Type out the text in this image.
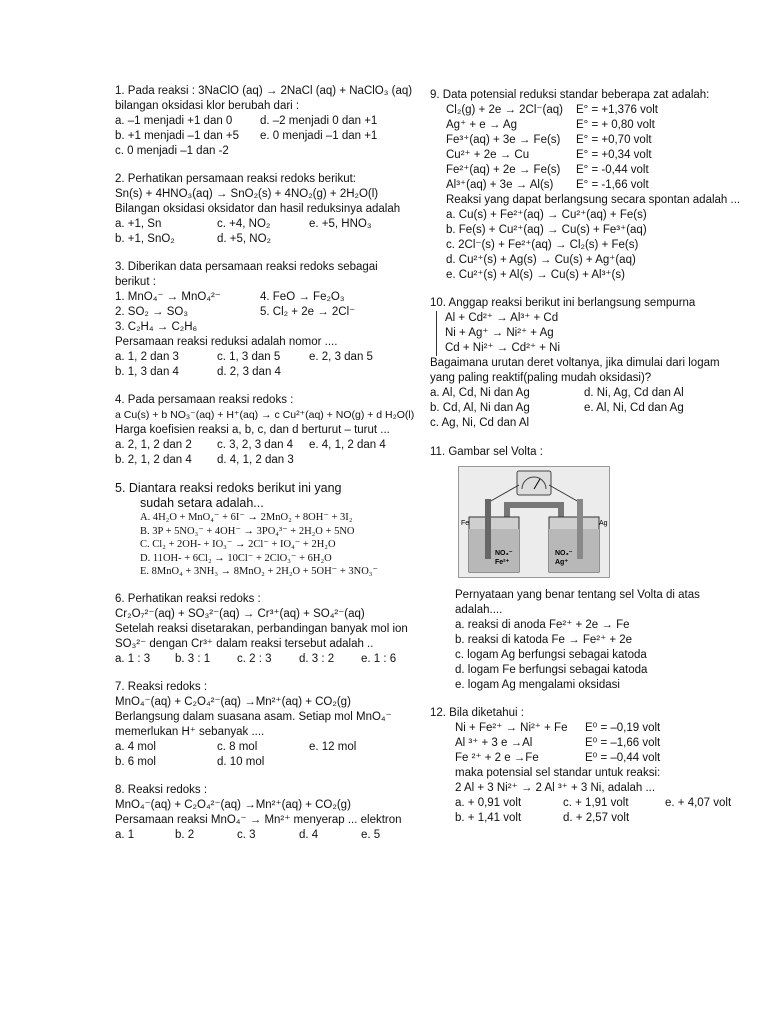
1. Pada reaksi : 3NaClO (aq) → 2NaCl (aq) + NaClO₃ (aq)
bilangan oksidasi klor berubah dari :
a. –1 menjadi +1 dan 0	d. –2 menjadi 0 dan +1
b. +1 menjadi –1 dan +5	e. 0 menjadi –1 dan +1
c. 0 menjadi –1 dan -2
2. Perhatikan persamaan reaksi redoks berikut:
Sn(s) + 4HNO₃(aq) → SnO₂(s) + 4NO₂(g) + 2H₂O(l)
Bilangan oksidasi oksidator dan hasil reduksinya adalah
a. +1, Sn	c. +4, NO₂	e. +5, HNO₃
b. +1, SnO₂	d. +5, NO₂
3. Diberikan data persamaan reaksi redoks sebagai
berikut :
1. MnO₄⁻ → MnO₄²⁻	4. FeO → Fe₂O₃
2. SO₂ → SO₃	5. Cl₂ + 2e → 2Cl⁻
3. C₂H₄ → C₂H₆
Persamaan reaksi reduksi adalah nomor ....
a. 1, 2 dan 3	c. 1, 3 dan 5	e. 2, 3 dan 5
b. 1, 3 dan 4	d. 2, 3 dan 4
4. Pada persamaan reaksi redoks :
a Cu(s) + b NO₃⁻(aq) + H⁺(aq) → c Cu²⁺(aq) + NO(g) + d H₂O(l)
Harga koefisien reaksi a, b, c, dan d berturut – turut ...
a. 2, 1, 2 dan 2	c. 3, 2, 3 dan 4	e. 4, 1, 2 dan 4
b. 2, 1, 2 dan 4	d. 4, 1, 2 dan 3
5. Diantara reaksi redoks berikut ini yang
sudah setara adalah...
A. 4H₂O + MnO₄⁻ + 6I⁻ → 2MnO₂ + 8OH⁻ + 3I₂
B. 3P + 5NO₃⁻ + 4OH⁻ → 3PO₄³⁻ + 2H₂O + 5NO
C. Cl₂ + 2OH- + IO₃⁻ → 2Cl⁻ + IO₄⁻ + 2H₂O
D. 11OH- + 6Cl₂ → 10Cl⁻ + 2ClO₃⁻ + 6H₂O
E. 8MnO₄ + 3NH₃ → 8MnO₂ + 2H₂O + 5OH⁻ + 3NO₃⁻
6. Perhatikan reaksi redoks :
Cr₂O₇²⁻(aq) + SO₃²⁻(aq) → Cr³⁺(aq) + SO₄²⁻(aq)
Setelah reaksi disetarakan, perbandingan banyak mol ion
SO₃²⁻ dengan Cr³⁺ dalam reaksi tersebut adalah ..
a. 1 : 3	b. 3 : 1	c. 2 : 3	d. 3 : 2	e. 1 : 6
7. Reaksi redoks :
MnO₄⁻(aq) + C₂O₄²⁻(aq) →Mn²⁺(aq) + CO₂(g)
Berlangsung dalam suasana asam. Setiap mol MnO₄⁻
memerlukan H⁺ sebanyak ....
a. 4 mol	c. 8 mol	e. 12 mol
b. 6 mol	d. 10 mol
8. Reaksi redoks :
MnO₄⁻(aq) + C₂O₄²⁻(aq) →Mn²⁺(aq) + CO₂(g)
Persamaan reaksi MnO₄⁻ → Mn²⁺ menyerap ... elektron
a. 1	b. 2	c. 3	d. 4	e. 5
9. Data potensial reduksi standar beberapa zat adalah:
Cl₂(g) + 2e → 2Cl⁻(aq)	E° = +1,376 volt
Ag⁺ + e → Ag	E° = + 0,80 volt
Fe³⁺(aq) + 3e → Fe(s)	E° = +0,70 volt
Cu²⁺ + 2e → Cu	E° = +0,34 volt
Fe²⁺(aq) + 2e → Fe(s)	E° = -0,44 volt
Al³⁺(aq) + 3e → Al(s)	E° = -1,66 volt
Reaksi yang dapat berlangsung secara spontan adalah ...
a. Cu(s) + Fe²⁺(aq) → Cu²⁺(aq) + Fe(s)
b. Fe(s) + Cu²⁺(aq) → Cu(s) + Fe³⁺(aq)
c. 2Cl⁻(s) + Fe²⁺(aq) → Cl₂(s) + Fe(s)
d. Cu²⁺(s) + Ag(s) → Cu(s) + Ag⁺(aq)
e. Cu²⁺(s) + Al(s) → Cu(s) + Al³⁺(s)
10. Anggap reaksi berikut ini berlangsung sempurna
Al + Cd²⁺ → Al³⁺ + Cd
Ni + Ag⁺ → Ni²⁺ + Ag
Cd + Ni²⁺ → Cd²⁺ + Ni
Bagaimana urutan deret voltanya, jika dimulai dari logam
yang paling reaktif(paling mudah oksidasi)?
a. Al, Cd, Ni dan Ag	d. Ni, Ag, Cd dan Al
b. Cd, Al, Ni dan Ag	e. Al, Ni, Cd dan Ag
c. Ag, Ni, Cd dan Al
11. Gambar sel Volta :
Fe	Ag
NO₃⁻	NO₃⁻
Fe²⁺	Ag⁺
Pernyataan yang benar tentang sel Volta di atas
adalah....
a. reaksi di anoda Fe²⁺ + 2e → Fe
b. reaksi di katoda Fe → Fe²⁺ + 2e
c. logam Ag berfungsi sebagai katoda
d. logam Fe berfungsi sebagai katoda
e. logam Ag mengalami oksidasi
12. Bila diketahui :
Ni + Fe²⁺ → Ni²⁺ + Fe	E⁰ = –0,19 volt
Al ³⁺ + 3 e →Al	E⁰ = –1,66 volt
Fe ²⁺ + 2 e →Fe	E⁰ = –0,44 volt
maka potensial sel standar untuk reaksi:
2 Al + 3 Ni²⁺ → 2 Al ³⁺ + 3 Ni, adalah ...
a. + 0,91 volt	c. + 1,91 volt	e. + 4,07 volt
b. + 1,41 volt	d. + 2,57 volt
